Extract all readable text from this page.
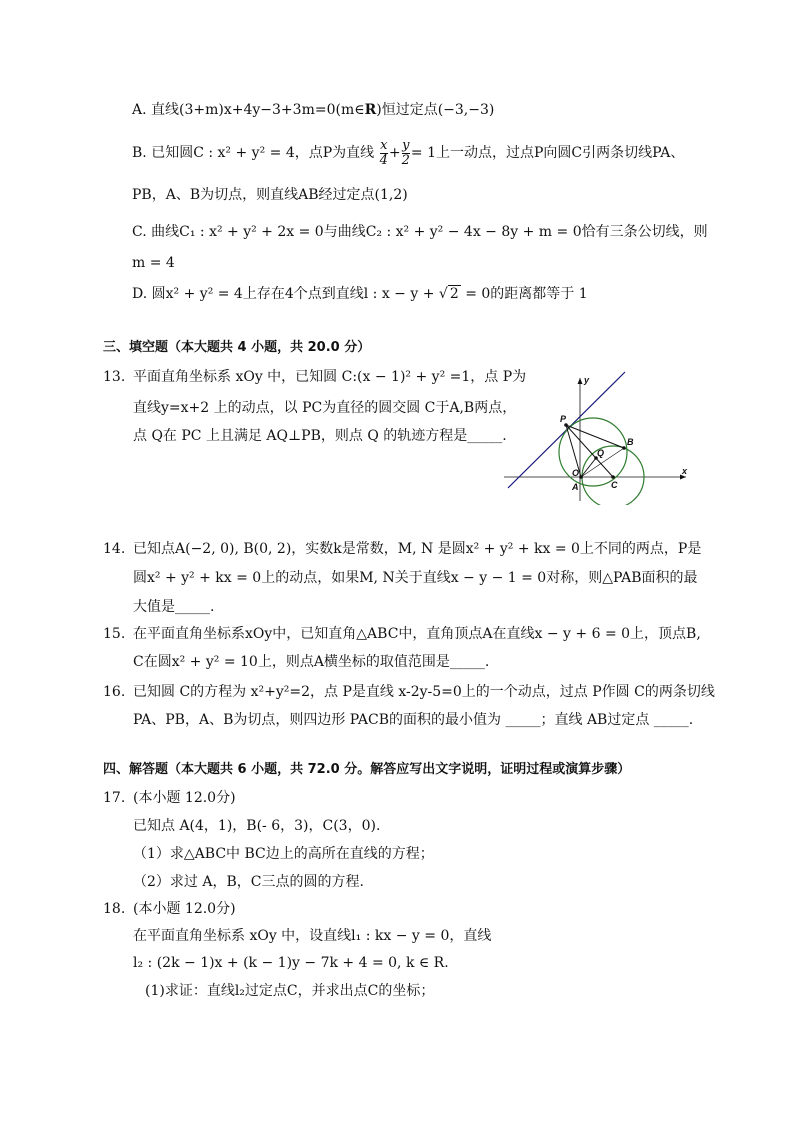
A. 直线(3+m)x+4y−3+3m=0(m∈R)恒过定点(−3,−3)
B. 已知圆C : x² + y² = 4，点P为直线 $\frac{x}{4} + \frac{y}{2} = 1$上一动点，过点P向圆C引两条切线PA、
PB，A、B为切点，则直线AB经过定点(1,2)
C. 曲线C₁ : x² + y² + 2x = 0与曲线C₂ : x² + y² − 4x − 8y + m = 0恰有三条公切线，则
m = 4
D. 圆x² + y² = 4上存在4个点到直线l : x − y + √ 2 = 0的距离都等于 1
三、填空题（本大题共 4 小题，共 20.0 分）
13. 平面直角坐标系 xOy 中，已知圆 C:(x − 1)² + y² =1，点 P为
直线y=x+2 上的动点，以 PC为直径的圆交圆 C于A,B两点，
点 Q在 PC 上且满足 AQ⊥PB，则点 Q 的轨迹方程是_____.
y
x
P
B
Q
O
A	C
14. 已知点A(−2, 0), B(0, 2)，实数k是常数，M, N 是圆x² + y² + kx = 0上不同的两点，P是
圆x² + y² + kx = 0上的动点，如果M, N关于直线x − y − 1 = 0对称，则△PAB面积的最
大值是_____.
15. 在平面直角坐标系xOy中，已知直角△ABC中，直角顶点A在直线x − y + 6 = 0上，顶点B,
C在圆x² + y² = 10上，则点A横坐标的取值范围是_____.
16. 已知圆 C的方程为 x²+y²=2，点 P是直线 x-2y-5=0上的一个动点，过点 P作圆 C的两条切线
PA、PB，A、B为切点，则四边形 PACB的面积的最小值为 _____；直线 AB过定点 _____.
四、解答题（本大题共 6 小题，共 72.0 分。解答应写出文字说明，证明过程或演算步骤）
17. (本小题 12.0分)
已知点 A(4，1)，B(- 6，3)，C(3，0).
（1）求△ABC中 BC边上的高所在直线的方程；
（2）求过 A，B，C三点的圆的方程.
18. (本小题 12.0分)
在平面直角坐标系 xOy 中，设直线l₁ : kx − y = 0，直线
l₂ : (2k − 1)x + (k − 1)y − 7k + 4 = 0, k ∈ R.
(1)求证：直线l₂过定点C，并求出点C的坐标；
